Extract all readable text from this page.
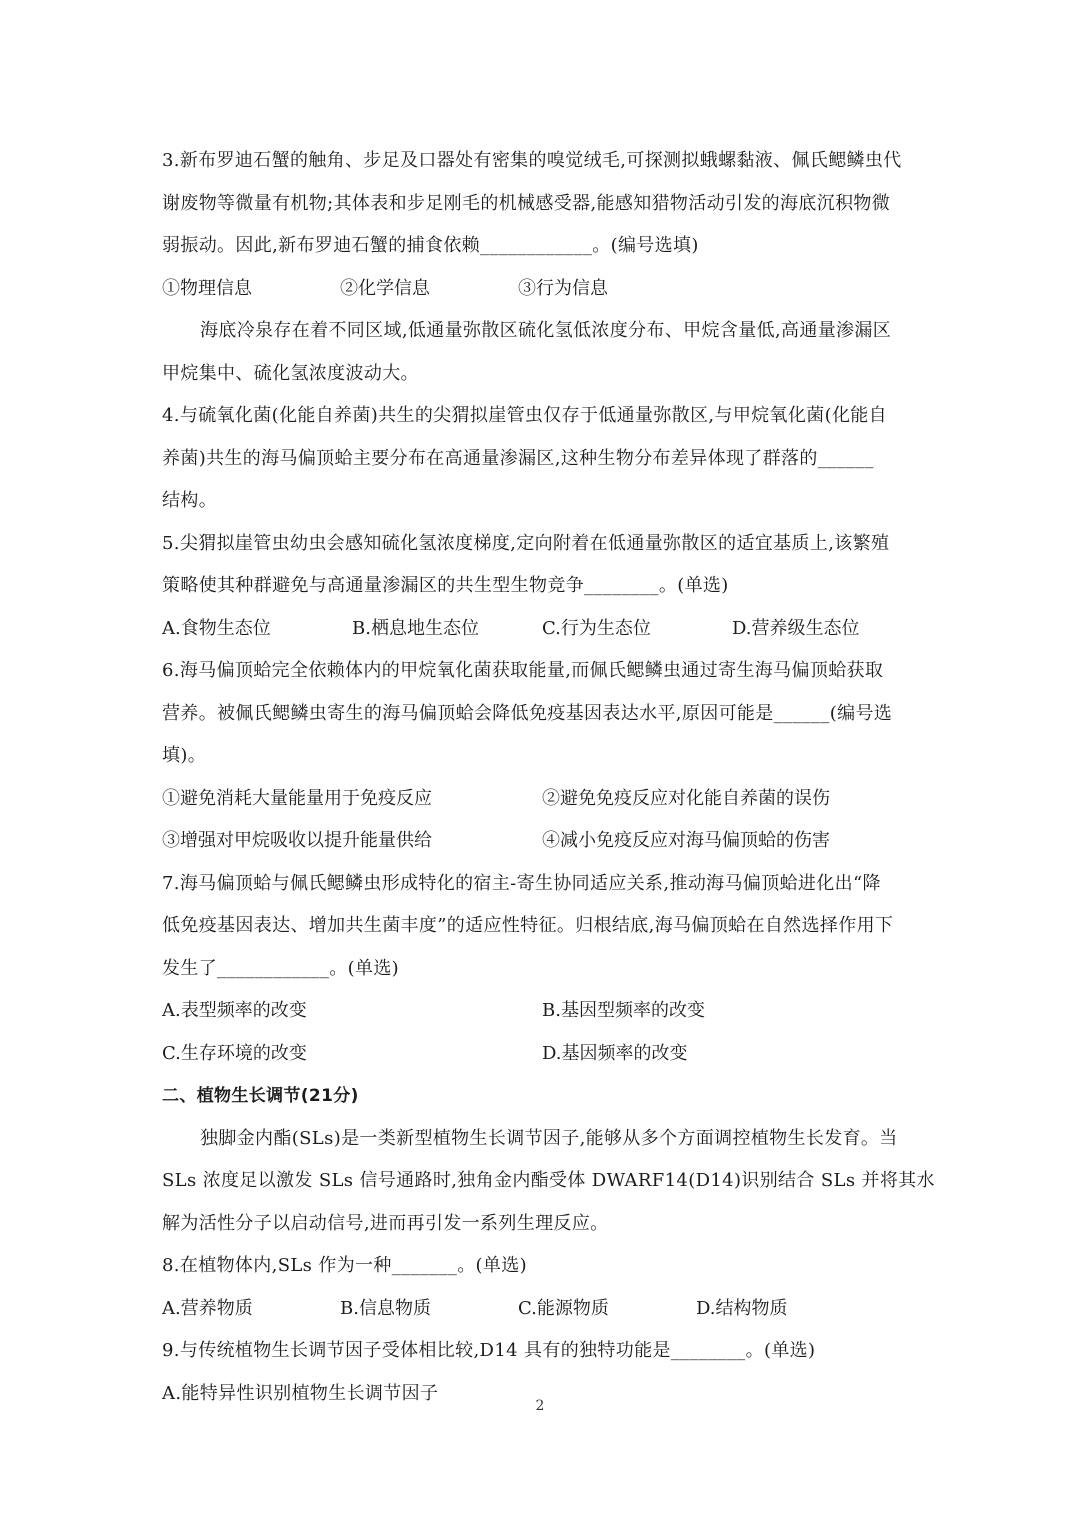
3.新布罗迪石蟹的触角、步足及口器处有密集的嗅觉绒毛,可探测拟蛾螺黏液、佩氏鳃鳞虫代
谢废物等微量有机物;其体表和步足刚毛的机械感受器,能感知猎物活动引发的海底沉积物微
弱振动。因此,新布罗迪石蟹的捕食依赖____________。(编号选填)
①物理信息	②化学信息	③行为信息
海底冷泉存在着不同区域,低通量弥散区硫化氢低浓度分布、甲烷含量低,高通量渗漏区
甲烷集中、硫化氢浓度波动大。
4.与硫氧化菌(化能自养菌)共生的尖猬拟崖管虫仅存于低通量弥散区,与甲烷氧化菌(化能自
养菌)共生的海马偏顶蛤主要分布在高通量渗漏区,这种生物分布差异体现了群落的______
结构。
5.尖猬拟崖管虫幼虫会感知硫化氢浓度梯度,定向附着在低通量弥散区的适宜基质上,该繁殖
策略使其种群避免与高通量渗漏区的共生型生物竞争________。(单选)
A.食物生态位	B.栖息地生态位	C.行为生态位	D.营养级生态位
6.海马偏顶蛤完全依赖体内的甲烷氧化菌获取能量,而佩氏鳃鳞虫通过寄生海马偏顶蛤获取
营养。被佩氏鳃鳞虫寄生的海马偏顶蛤会降低免疫基因表达水平,原因可能是______(编号选
填)。
①避免消耗大量能量用于免疫反应	②避免免疫反应对化能自养菌的误伤
③增强对甲烷吸收以提升能量供给	④减小免疫反应对海马偏顶蛤的伤害
7.海马偏顶蛤与佩氏鳃鳞虫形成特化的宿主-寄生协同适应关系,推动海马偏顶蛤进化出“降
低免疫基因表达、增加共生菌丰度”的适应性特征。归根结底,海马偏顶蛤在自然选择作用下
发生了____________。(单选)
A.表型频率的改变	B.基因型频率的改变
C.生存环境的改变	D.基因频率的改变
二、植物生长调节(21分)
独脚金内酯(SLs)是一类新型植物生长调节因子,能够从多个方面调控植物生长发育。当
SLs 浓度足以激发 SLs 信号通路时,独角金内酯受体 DWARF14(D14)识别结合 SLs 并将其水
解为活性分子以启动信号,进而再引发一系列生理反应。
8.在植物体内,SLs 作为一种_______。(单选)
A.营养物质	B.信息物质	C.能源物质	D.结构物质
9.与传统植物生长调节因子受体相比较,D14 具有的独特功能是________。(单选)
A.能特异性识别植物生长调节因子
2
